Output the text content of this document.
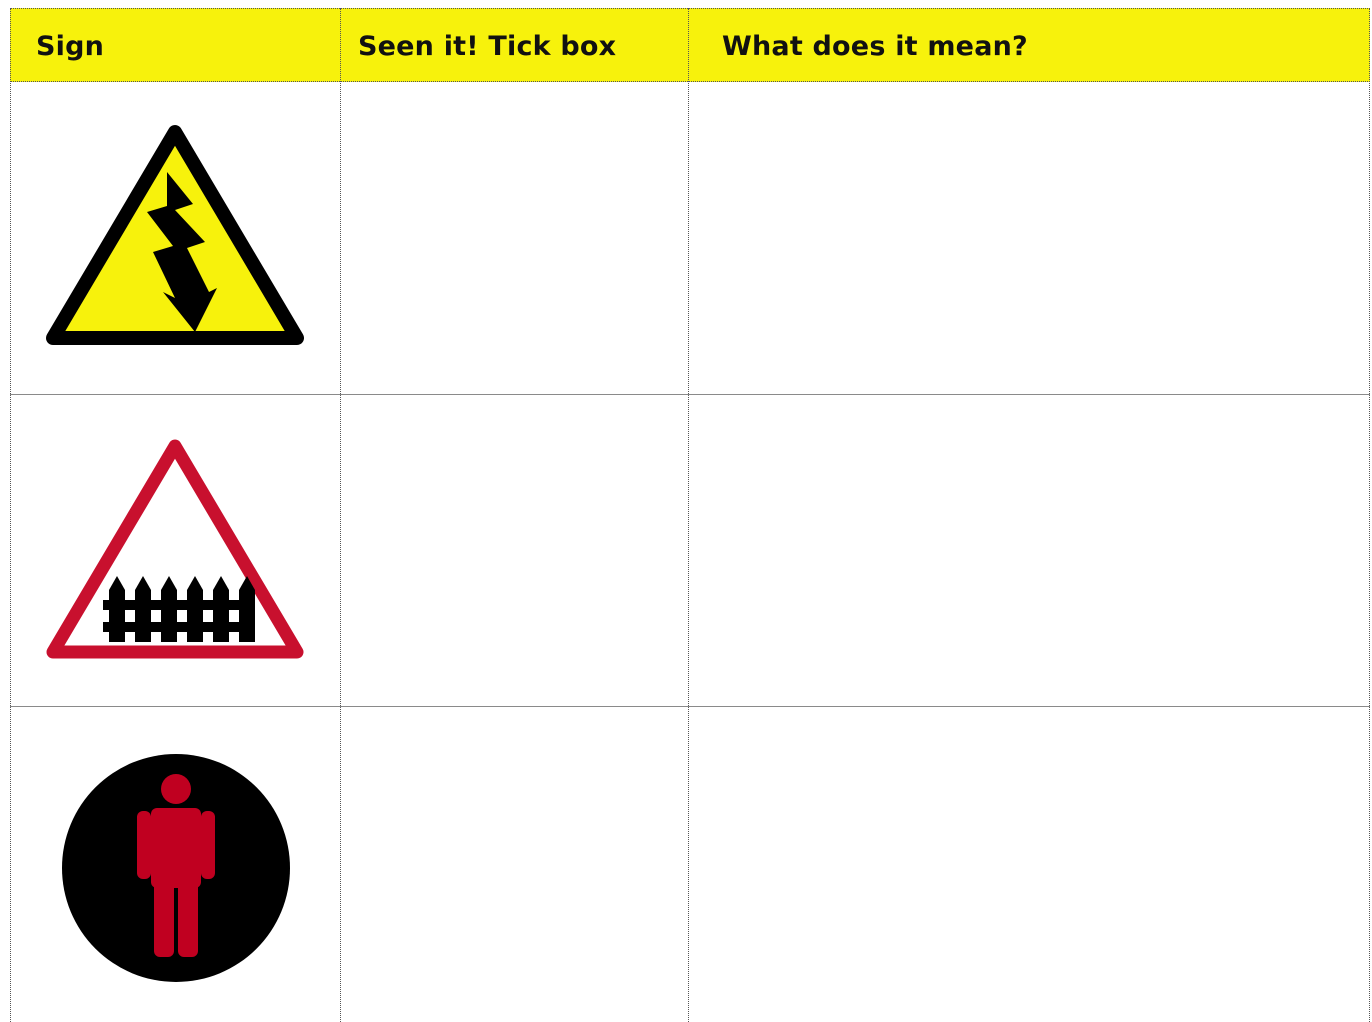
Sign	Seen it! Tick box	What does it mean?
